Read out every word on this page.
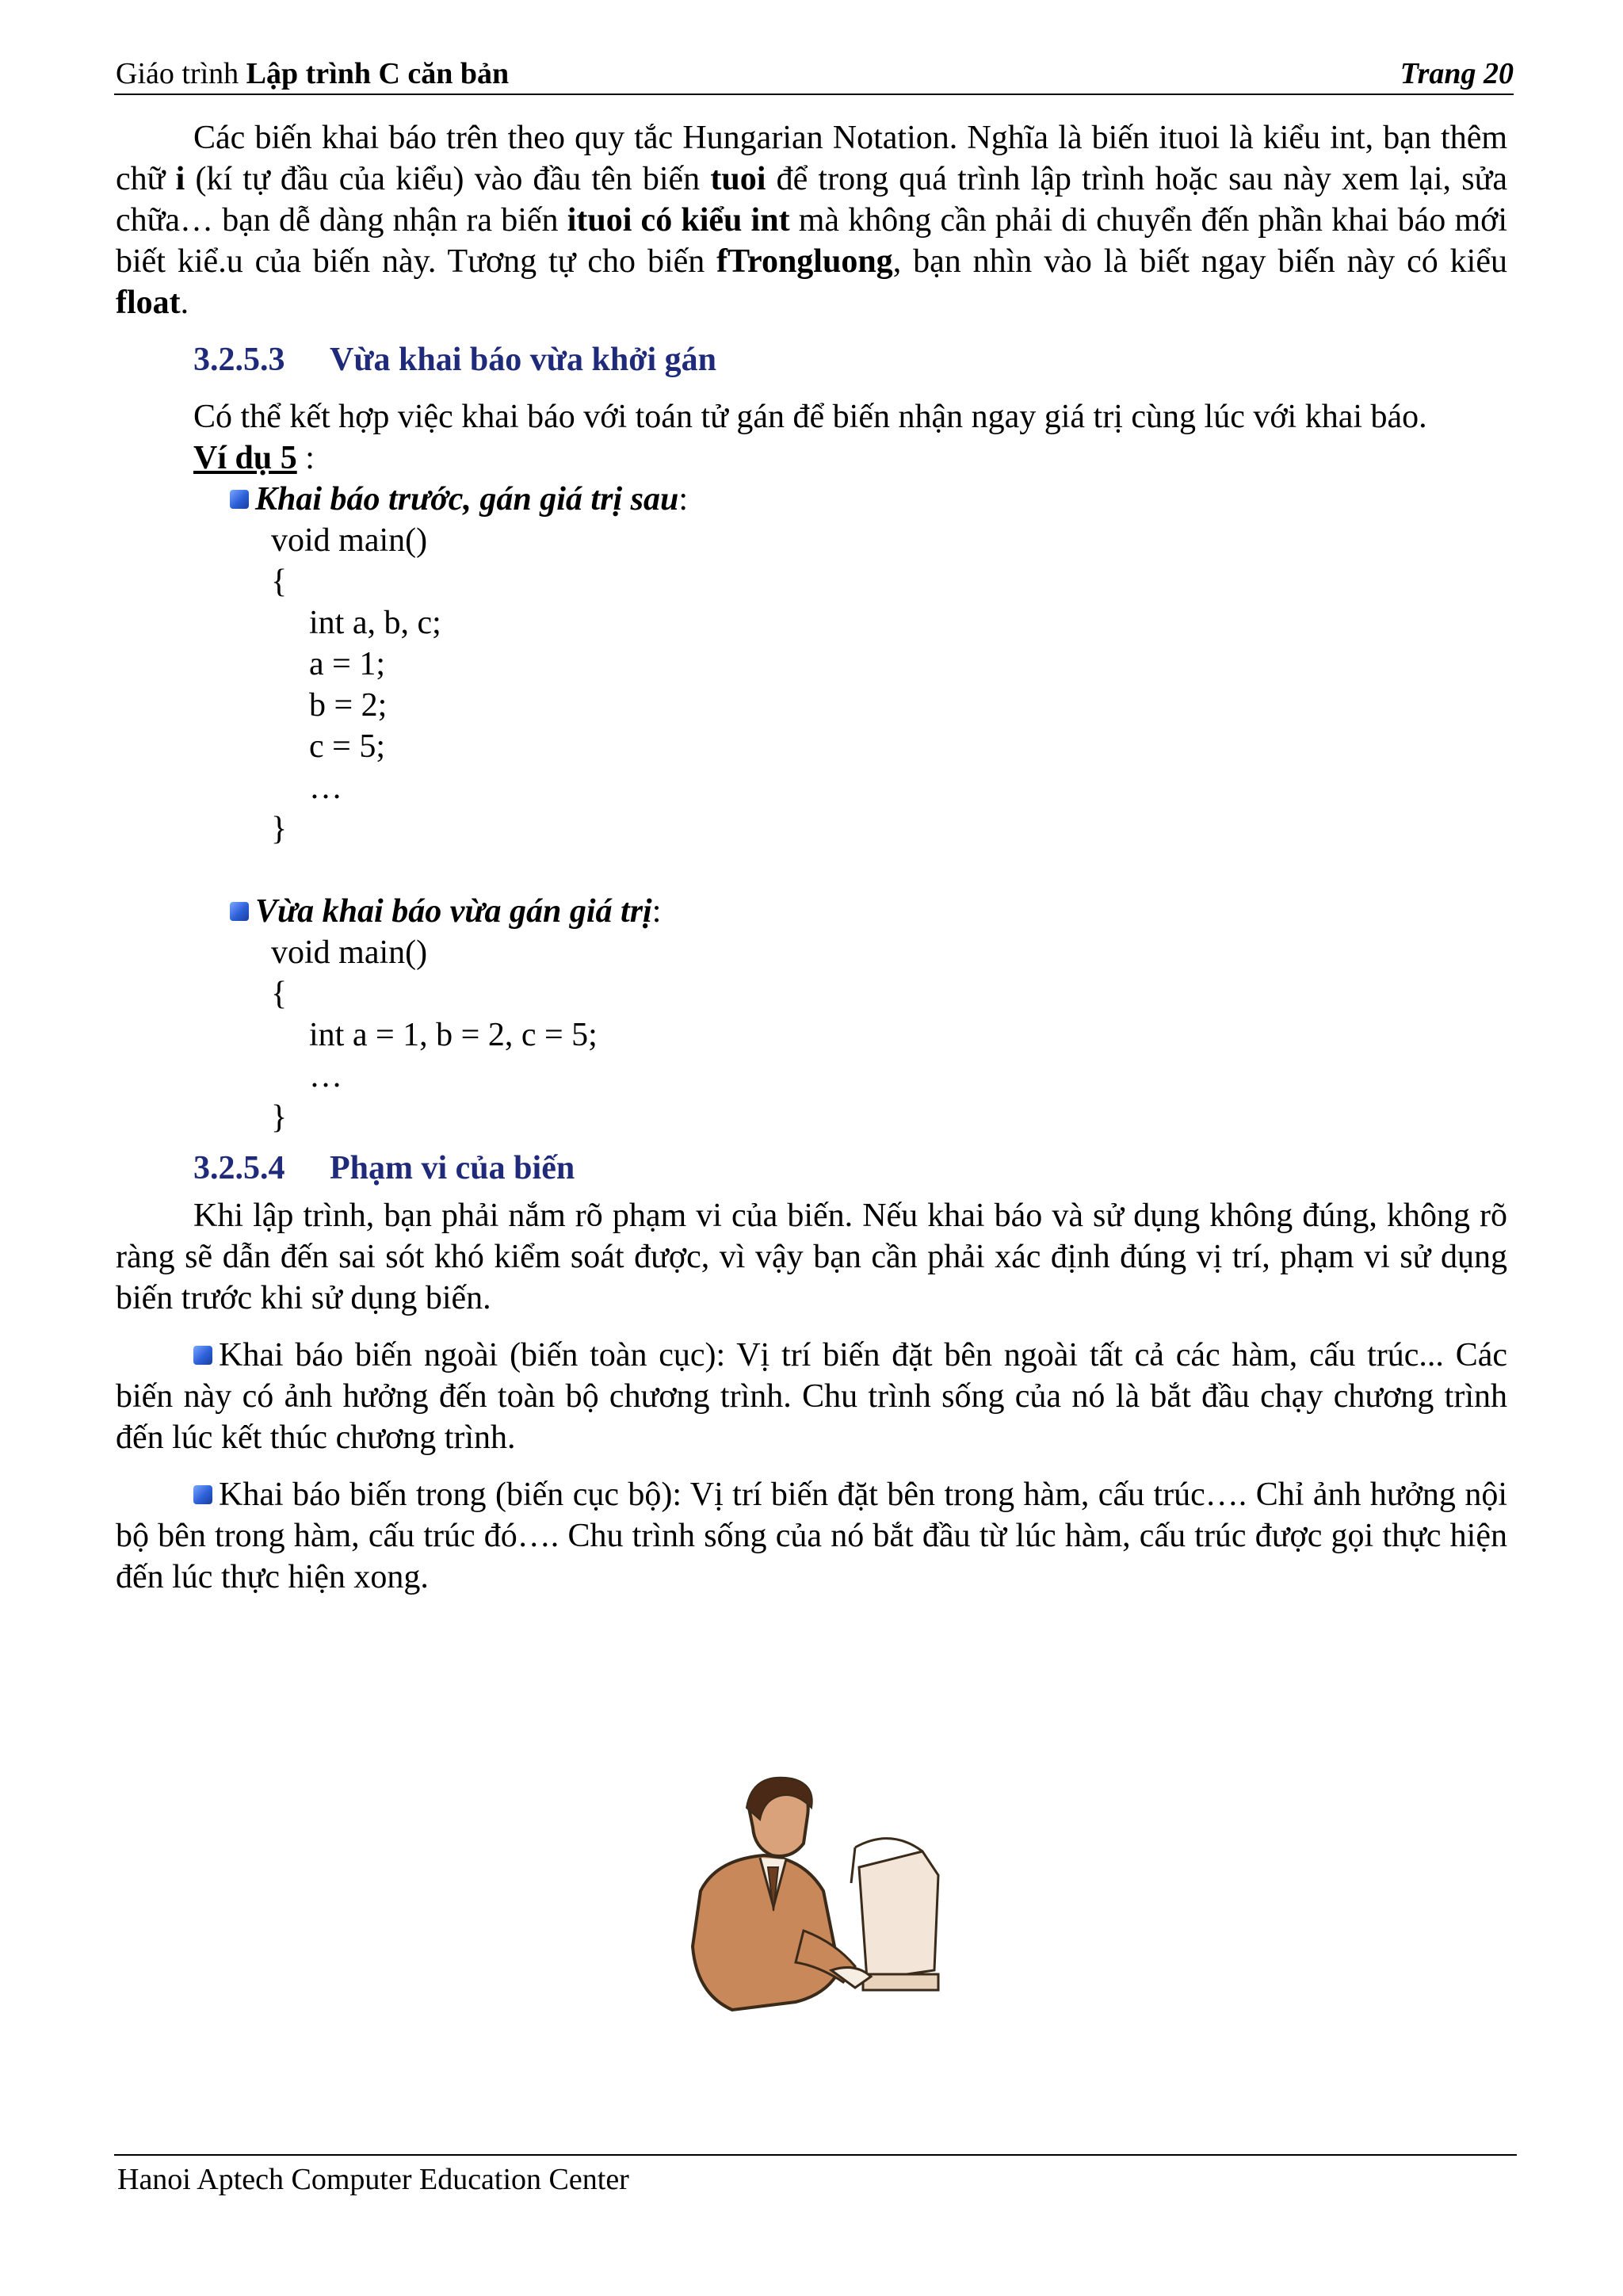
Giáo trình Lập trình C căn bản	Trang 20

Các biến khai báo trên theo quy tắc Hungarian Notation. Nghĩa là biến ituoi là kiểu int, bạn thêm chữ i (kí tự đầu của kiểu) vào đầu tên biến tuoi để trong quá trình lập trình hoặc sau này xem lại, sửa chữa… bạn dễ dàng nhận ra biến ituoi có kiểu int mà không cần phải di chuyển đến phần khai báo mới biết kiể.u của biến này. Tương tự cho biến fTrongluong, bạn nhìn vào là biết ngay biến này có kiểu float.

3.2.5.3 Vừa khai báo vừa khởi gán

Có thể kết hợp việc khai báo với toán tử gán để biến nhận ngay giá trị cùng lúc với khai báo.

Ví dụ 5 :
Khai báo trước, gán giá trị sau:
void main()
{
int a, b, c;
a = 1;
b = 2;
c = 5;
…
}
Vừa khai báo vừa gán giá trị:
void main()
{
int a = 1, b = 2, c = 5;
…
}
3.2.5.4 Phạm vi của biến

Khi lập trình, bạn phải nắm rõ phạm vi của biến. Nếu khai báo và sử dụng không đúng, không rõ ràng sẽ dẫn đến sai sót khó kiểm soát được, vì vậy bạn cần phải xác định đúng vị trí, phạm vi sử dụng biến trước khi sử dụng biến.

Khai báo biến ngoài (biến toàn cục): Vị trí biến đặt bên ngoài tất cả các hàm, cấu trúc... Các biến này có ảnh hưởng đến toàn bộ chương trình. Chu trình sống của nó là bắt đầu chạy chương trình đến lúc kết thúc chương trình.

Khai báo biến trong (biến cục bộ): Vị trí biến đặt bên trong hàm, cấu trúc…. Chỉ ảnh hưởng nội bộ bên trong hàm, cấu trúc đó…. Chu trình sống của nó bắt đầu từ lúc hàm, cấu trúc được gọi thực hiện đến lúc thực hiện xong.

Hanoi Aptech Computer Education Center
